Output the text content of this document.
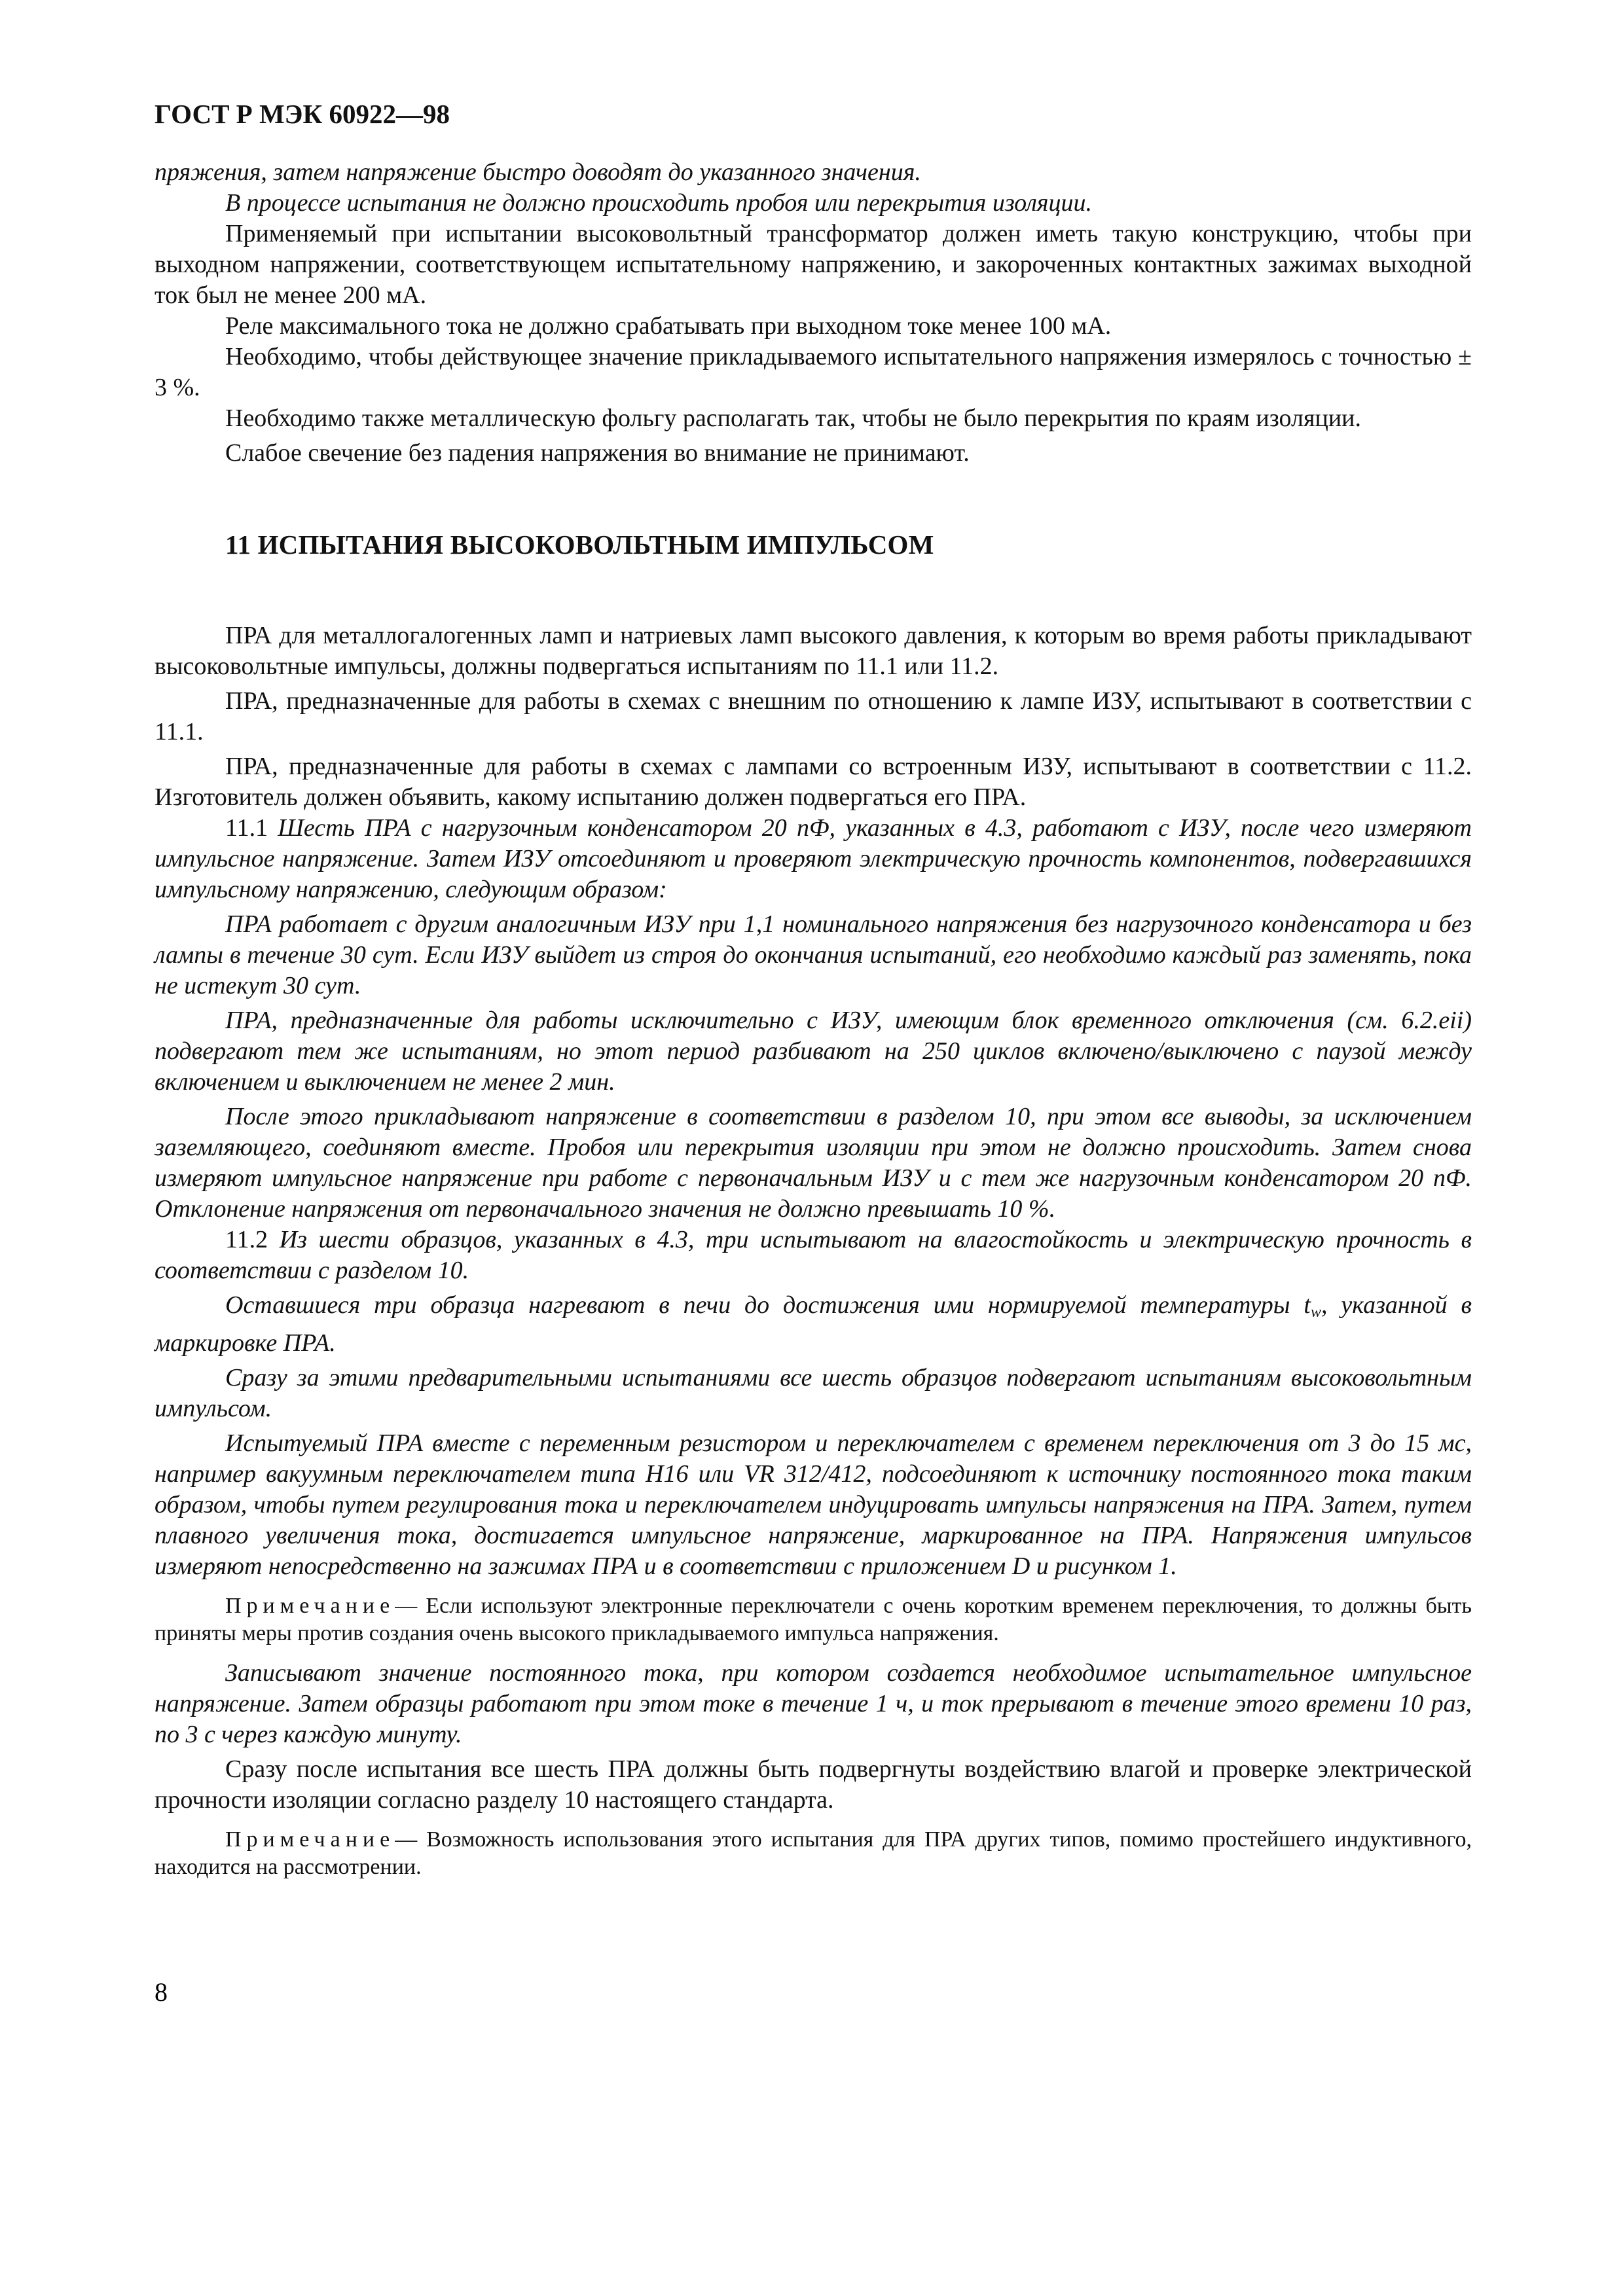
ГОСТ Р МЭК 60922—98

пряжения, затем напряжение быстро доводят до указанного значения.

В процессе испытания не должно происходить пробоя или перекрытия изоляции.

Применяемый при испытании высоковольтный трансформатор должен иметь такую конструкцию, чтобы при выходном напряжении, соответствующем испытательному напряжению, и закороченных контактных зажимах выходной ток был не менее 200 мА.

Реле максимального тока не должно срабатывать при выходном токе менее 100 мА.

Необходимо, чтобы действующее значение прикладываемого испытательного напряжения измерялось с точностью ± 3 %.

Необходимо также металлическую фольгу располагать так, чтобы не было перекрытия по краям изоляции.

Слабое свечение без падения напряжения во внимание не принимают.

11 ИСПЫТАНИЯ ВЫСОКОВОЛЬТНЫМ ИМПУЛЬСОМ

ПРА для металлогалогенных ламп и натриевых ламп высокого давления, к которым во время работы прикладывают высоковольтные импульсы, должны подвергаться испытаниям по 11.1 или 11.2.

ПРА, предназначенные для работы в схемах с внешним по отношению к лампе ИЗУ, испытывают в соответствии с 11.1.

ПРА, предназначенные для работы в схемах с лампами со встроенным ИЗУ, испытывают в соответствии с 11.2. Изготовитель должен объявить, какому испытанию должен подвергаться его ПРА.

11.1 Шесть ПРА с нагрузочным конденсатором 20 nФ, указанных в 4.3, работают с ИЗУ, после чего измеряют импульсное напряжение. Затем ИЗУ отсоединяют и проверяют электрическую прочность компонентов, подвергавшихся импульсному напряжению, следующим образом:

ПРА работает с другим аналогичным ИЗУ при 1,1 номинального напряжения без нагрузочного конденсатора и без лампы в течение 30 сут. Если ИЗУ выйдет из строя до окончания испытаний, его необходимо каждый раз заменять, пока не истекут 30 сут.

ПРА, предназначенные для работы исключительно с ИЗУ, имеющим блок временного отключения (см. 6.2.eii) подвергают тем же испытаниям, но этот период разбивают на 250 циклов включено/выключено с паузой между включением и выключением не менее 2 мин.

После этого прикладывают напряжение в соответствии в разделом 10, при этом все выводы, за исключением заземляющего, соединяют вместе. Пробоя или перекрытия изоляции при этом не должно происходить. Затем снова измеряют импульсное напряжение при работе с первоначальным ИЗУ и с тем же нагрузочным конденсатором 20 nФ. Отклонение напряжения от первоначального значения не должно превышать 10 %.

11.2 Из шести образцов, указанных в 4.3, три испытывают на влагостойкость и электрическую прочность в соответствии с разделом 10.

Оставшиеся три образца нагревают в печи до достижения ими нормируемой температуры $t_w$, указанной в маркировке ПРА.

Сразу за этими предварительными испытаниями все шесть образцов подвергают испытаниям высоковольтным импульсом.

Испытуемый ПРА вместе с переменным резистором и переключателем с временем переключения от 3 до 15 мс, например вакуумным переключателем типа H16 или VR 312/412, подсоединяют к источнику постоянного тока таким образом, чтобы путем регулирования тока и переключателем индуцировать импульсы напряжения на ПРА. Затем, путем плавного увеличения тока, достигается импульсное напряжение, маркированное на ПРА. Напряжения импульсов измеряют непосредственно на зажимах ПРА и в соответствии с приложением D и рисунком 1.

Примечание— Если используют электронные переключатели с очень коротким временем переключения, то должны быть приняты меры против создания очень высокого прикладываемого импульса напряжения.

Записывают значение постоянного тока, при котором создается необходимое испытательное импульсное напряжение. Затем образцы работают при этом токе в течение 1 ч, и ток прерывают в течение этого времени 10 раз, по 3 с через каждую минуту.

Сразу после испытания все шесть ПРА должны быть подвергнуты воздействию влагой и проверке электрической прочности изоляции согласно разделу 10 настоящего стандарта.

Примечание— Возможность использования этого испытания для ПРА других типов, помимо простейшего индуктивного, находится на рассмотрении.

8
